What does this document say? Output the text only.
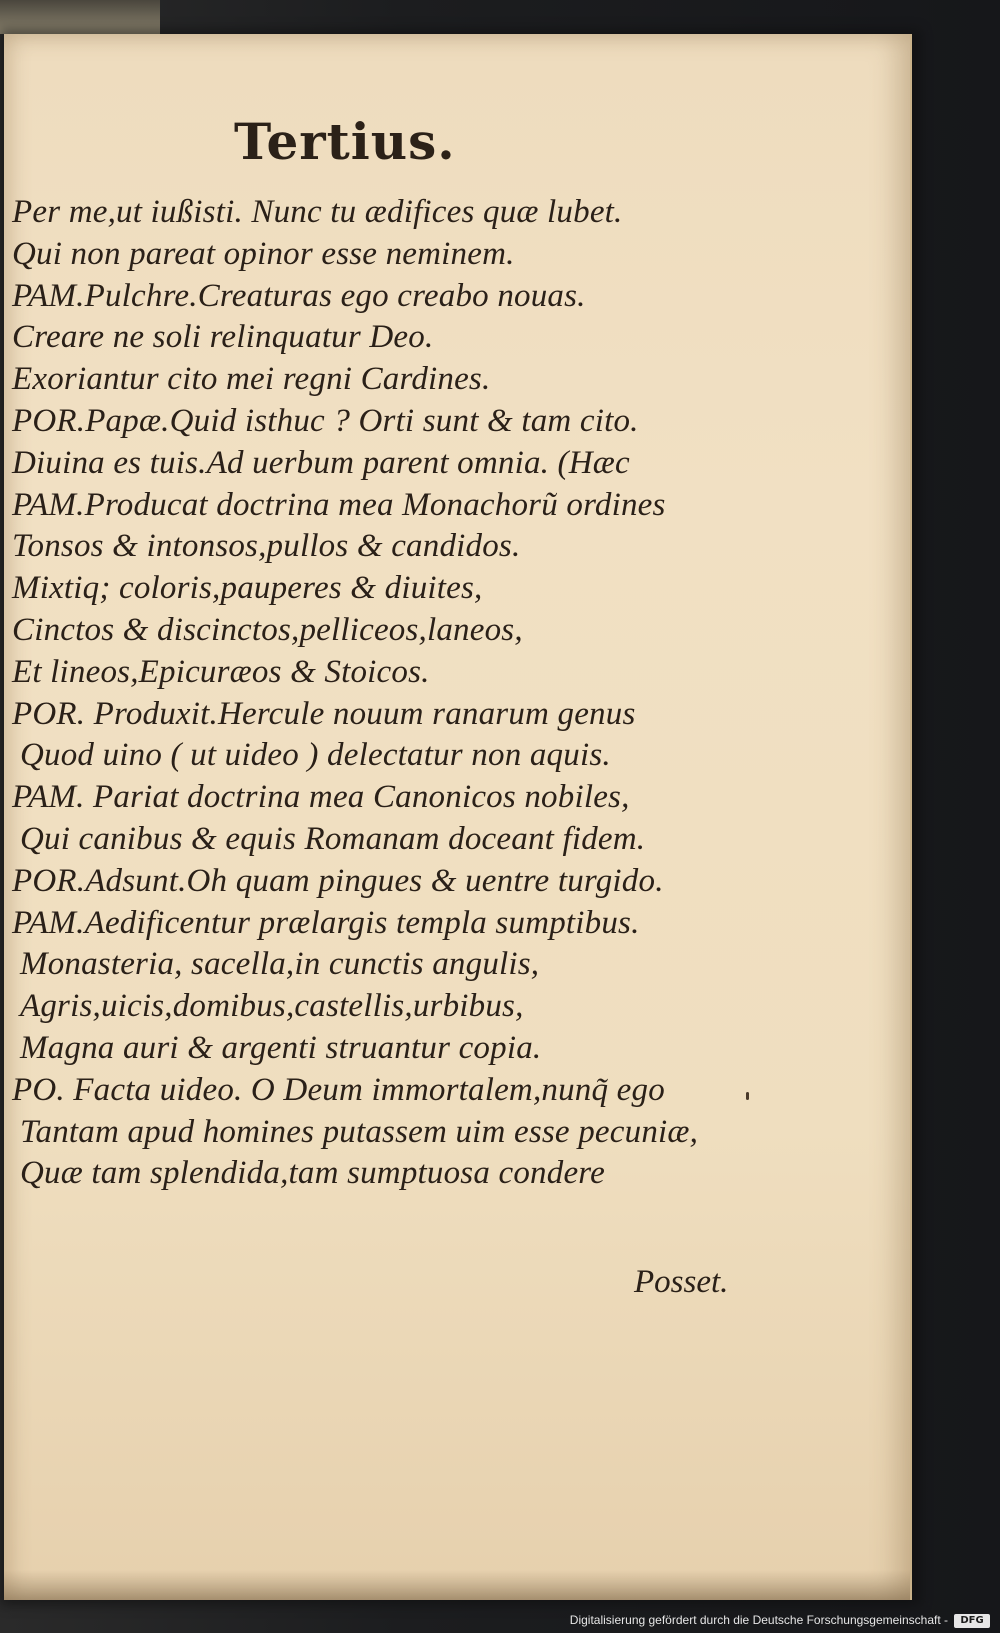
Tertius.
Per me,ut iußisti. Nunc tu ædifices quæ lubet.
Qui non pareat opinor esse neminem.
PAM.Pulchre.Creaturas ego creabo nouas.
Creare ne soli relinquatur Deo.
Exoriantur cito mei regni Cardines.
POR.Papæ.Quid isthuc ? Orti sunt & tam cito.
Diuina es tuis.Ad uerbum parent omnia. (Hæc
PAM.Producat doctrina mea Monachorũ ordines
Tonsos & intonsos,pullos & candidos.
Mixtiq; coloris,pauperes & diuites,
Cinctos & discinctos,pelliceos,laneos,
Et lineos,Epicuræos & Stoicos.
POR. Produxit.Hercule nouum ranarum genus
Quod uino ( ut uideo ) delectatur non aquis.
PAM. Pariat doctrina mea Canonicos nobiles,
Qui canibus & equis Romanam doceant fidem.
POR.Adsunt.Oh quam pingues & uentre turgido.
PAM.Aedificentur prælargis templa sumptibus.
Monasteria, sacella,in cunctis angulis,
Agris,uicis,domibus,castellis,urbibus,
Magna auri & argenti struantur copia.
PO. Facta uideo. O Deum immortalem,nunq̃ ego
Tantam apud homines putassem uim esse pecuniæ,
Quæ tam splendida,tam sumptuosa condere
Posset.
Digitalisierung gefördert durch die Deutsche Forschungsgemeinschaft -	DFG
